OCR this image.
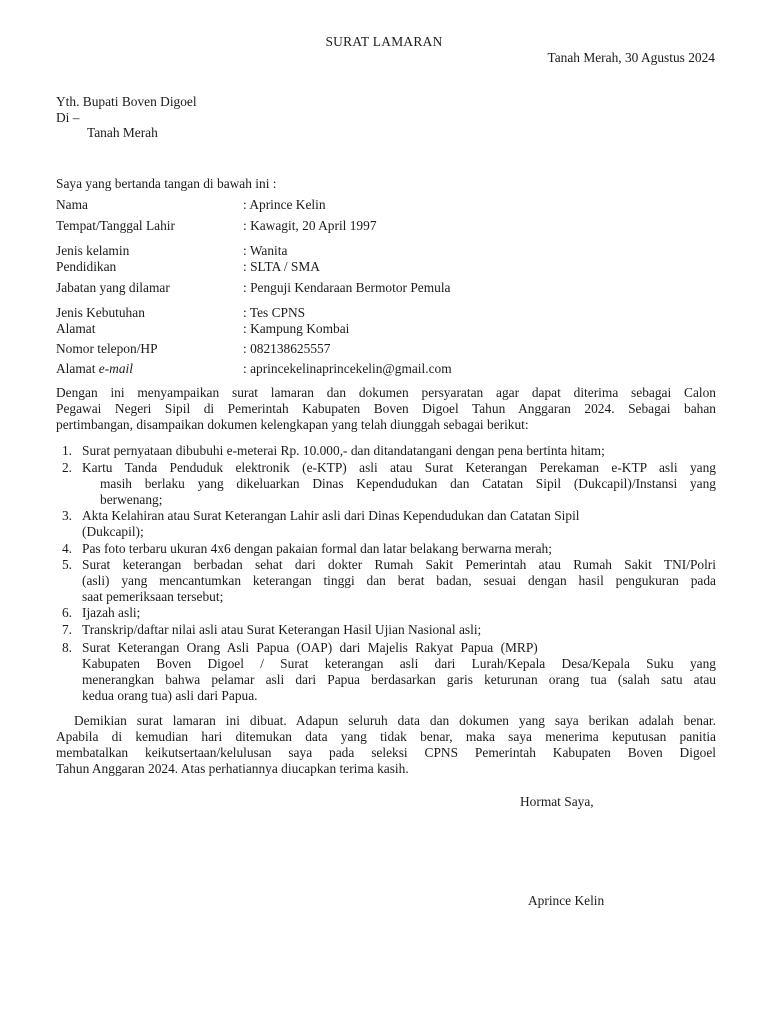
SURAT LAMARAN
Tanah Merah, 30 Agustus 2024
Yth. Bupati Boven Digoel
Di –
Tanah Merah
Saya yang bertanda tangan di bawah ini :
Nama	: Aprince Kelin
Tempat/Tanggal Lahir	: Kawagit, 20 April 1997
Jenis kelamin	: Wanita
Pendidikan	: SLTA / SMA
Jabatan yang dilamar	: Penguji Kendaraan Bermotor Pemula
Jenis Kebutuhan	: Tes CPNS
Alamat	: Kampung Kombai
Nomor telepon/HP	: 082138625557
Alamat e-mail	: aprincekelinaprincekelin@gmail.com
Dengan ini menyampaikan surat lamaran dan dokumen persyaratan agar dapat diterima sebagai Calon
Pegawai Negeri Sipil di Pemerintah Kabupaten Boven Digoel Tahun Anggaran 2024. Sebagai bahan
pertimbangan, disampaikan dokumen kelengkapan yang telah diunggah sebagai berikut:
1. Surat pernyataan dibubuhi e-meterai Rp. 10.000,- dan ditandatangani dengan pena bertinta hitam;
2. Kartu Tanda Penduduk elektronik (e-KTP) asli atau Surat Keterangan Perekaman e-KTP asli yang
masih berlaku yang dikeluarkan Dinas Kependudukan dan Catatan Sipil (Dukcapil)/Instansi yang
berwenang;
3. Akta Kelahiran atau Surat Keterangan Lahir asli dari Dinas Kependudukan dan Catatan Sipil
(Dukcapil);
4. Pas foto terbaru ukuran 4x6 dengan pakaian formal dan latar belakang berwarna merah;
5. Surat keterangan berbadan sehat dari dokter Rumah Sakit Pemerintah atau Rumah Sakit TNI/Polri
(asli) yang mencantumkan keterangan tinggi dan berat badan, sesuai dengan hasil pengukuran pada
saat pemeriksaan tersebut;
6. Ijazah asli;
7. Transkrip/daftar nilai asli atau Surat Keterangan Hasil Ujian Nasional asli;
8. Surat Keterangan Orang Asli Papua (OAP) dari Majelis Rakyat Papua (MRP)
Kabupaten Boven Digoel / Surat keterangan asli dari Lurah/Kepala Desa/Kepala Suku yang
menerangkan bahwa pelamar asli dari Papua berdasarkan garis keturunan orang tua (salah satu atau
kedua orang tua) asli dari Papua.
Demikian surat lamaran ini dibuat. Adapun seluruh data dan dokumen yang saya berikan adalah benar.
Apabila di kemudian hari ditemukan data yang tidak benar, maka saya menerima keputusan panitia
membatalkan keikutsertaan/kelulusan saya pada seleksi CPNS Pemerintah Kabupaten Boven Digoel
Tahun Anggaran 2024. Atas perhatiannya diucapkan terima kasih.
Hormat Saya,
Aprince Kelin
